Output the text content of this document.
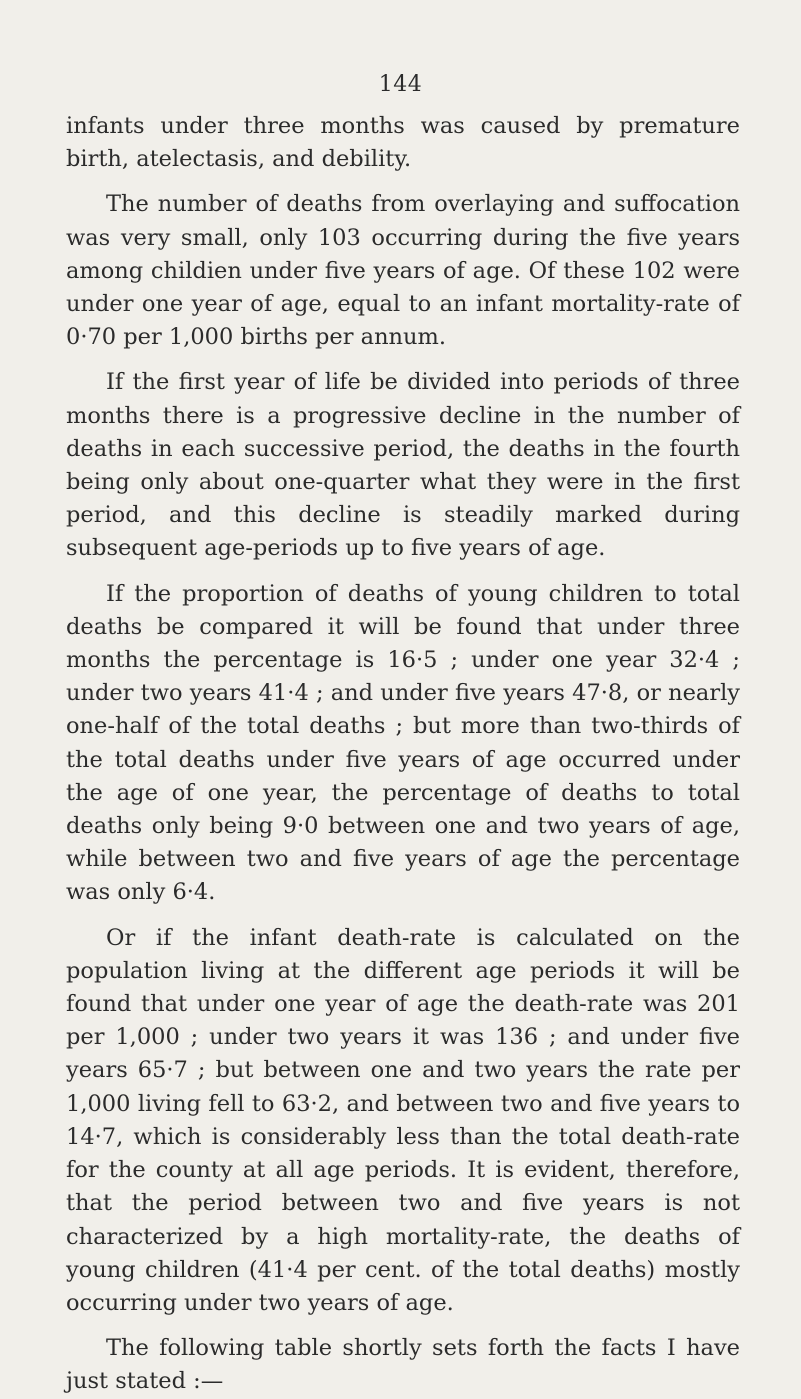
144

infants under three months was caused by premature birth, atelectasis, and debility.

The number of deaths from overlaying and suffocation was very small, only 103 occurring during the five years among childien under five years of age. Of these 102 were under one year of age, equal to an infant mortality-rate of 0·70 per 1,000 births per annum.

If the first year of life be divided into periods of three months there is a progressive decline in the number of deaths in each successive period, the deaths in the fourth being only about one-quarter what they were in the first period, and this decline is steadily marked during subsequent age-periods up to five years of age.

If the proportion of deaths of young children to total deaths be compared it will be found that under three months the percentage is 16·5 ; under one year 32·4 ; under two years 41·4 ; and under five years 47·8, or nearly one-half of the total deaths ; but more than two-thirds of the total deaths under five years of age occurred under the age of one year, the percentage of deaths to total deaths only being 9·0 between one and two years of age, while between two and five years of age the percentage was only 6·4.

Or if the infant death-rate is calculated on the population living at the different age periods it will be found that under one year of age the death-rate was 201 per 1,000 ; under two years it was 136 ; and under five years 65·7 ; but between one and two years the rate per 1,000 living fell to 63·2, and between two and five years to 14·7, which is considerably less than the total death-rate for the county at all age periods. It is evident, therefore, that the period between two and five years is not characterized by a high mortality-rate, the deaths of young children (41·4 per cent. of the total deaths) mostly occurring under two years of age.

The following table shortly sets forth the facts I have just stated :—
